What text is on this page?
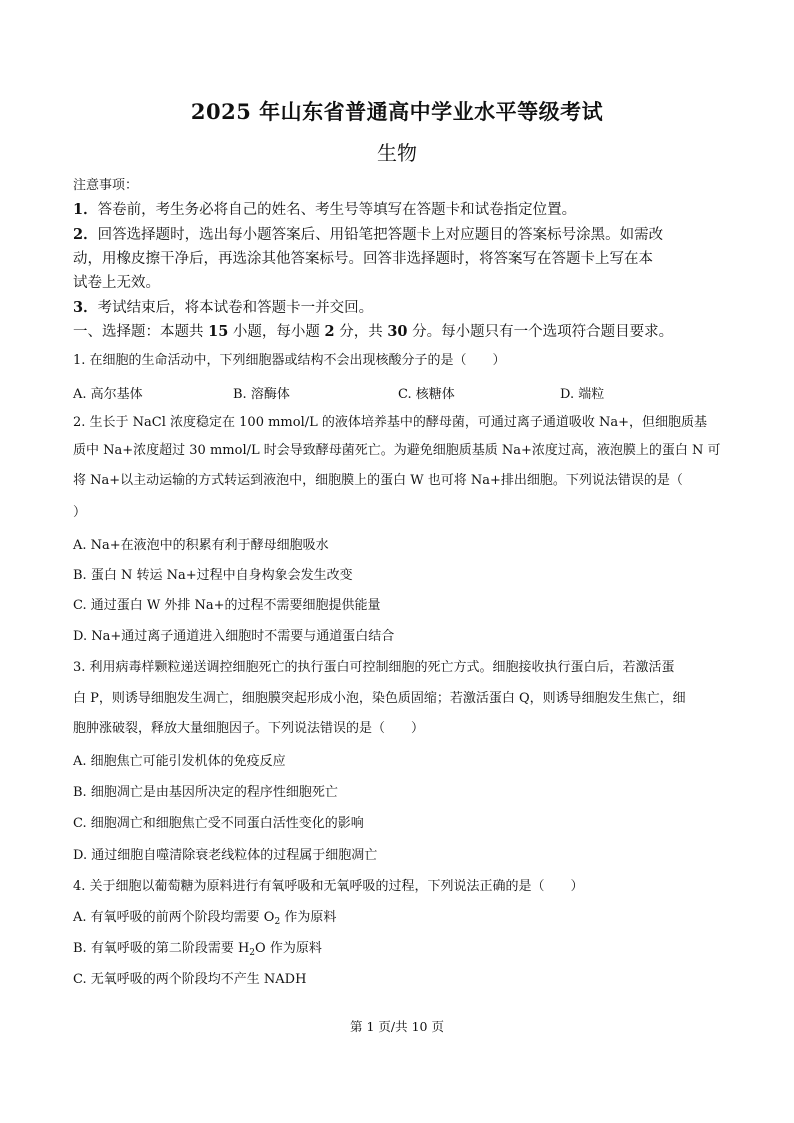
2025 年山东省普通高中学业水平等级考试
生物
注意事项：
1．答卷前，考生务必将自己的姓名、考生号等填写在答题卡和试卷指定位置。
2．回答选择题时，选出每小题答案后、用铅笔把答题卡上对应题目的答案标号涂黑。如需改
动，用橡皮擦干净后，再选涂其他答案标号。回答非选择题时，将答案写在答题卡上写在本
试卷上无效。
3．考试结束后，将本试卷和答题卡一并交回。
一、选择题：本题共 15 小题，每小题 2 分，共 30 分。每小题只有一个选项符合题目要求。
1. 在细胞的生命活动中，下列细胞器或结构不会出现核酸分子的是（　　）
A. 高尔基体	B. 溶酶体	C. 核糖体	D. 端粒
2. 生长于 NaCl 浓度稳定在 100 mmol/L 的液体培养基中的酵母菌，可通过离子通道吸收 Na+，但细胞质基
质中 Na+浓度超过 30 mmol/L 时会导致酵母菌死亡。为避免细胞质基质 Na+浓度过高，液泡膜上的蛋白 N 可
将 Na+以主动运输的方式转运到液泡中，细胞膜上的蛋白 W 也可将 Na+排出细胞。下列说法错误的是（
）
A. Na+在液泡中的积累有利于酵母细胞吸水
B. 蛋白 N 转运 Na+过程中自身构象会发生改变
C. 通过蛋白 W 外排 Na+的过程不需要细胞提供能量
D. Na+通过离子通道进入细胞时不需要与通道蛋白结合
3. 利用病毒样颗粒递送调控细胞死亡的执行蛋白可控制细胞的死亡方式。细胞接收执行蛋白后，若激活蛋
白 P，则诱导细胞发生凋亡，细胞膜突起形成小泡，染色质固缩；若激活蛋白 Q，则诱导细胞发生焦亡，细
胞肿涨破裂，释放大量细胞因子。下列说法错误的是（　　）
A. 细胞焦亡可能引发机体的免疫反应
B. 细胞凋亡是由基因所决定的程序性细胞死亡
C. 细胞凋亡和细胞焦亡受不同蛋白活性变化的影响
D. 通过细胞自噬清除衰老线粒体的过程属于细胞凋亡
4. 关于细胞以葡萄糖为原料进行有氧呼吸和无氧呼吸的过程，下列说法正确的是（　　）
A. 有氧呼吸的前两个阶段均需要 $O_2$ 作为原料
B. 有氧呼吸的第二阶段需要 $H_2O$ 作为原料
C. 无氧呼吸的两个阶段均不产生 NADH
第 1 页/共 10 页
